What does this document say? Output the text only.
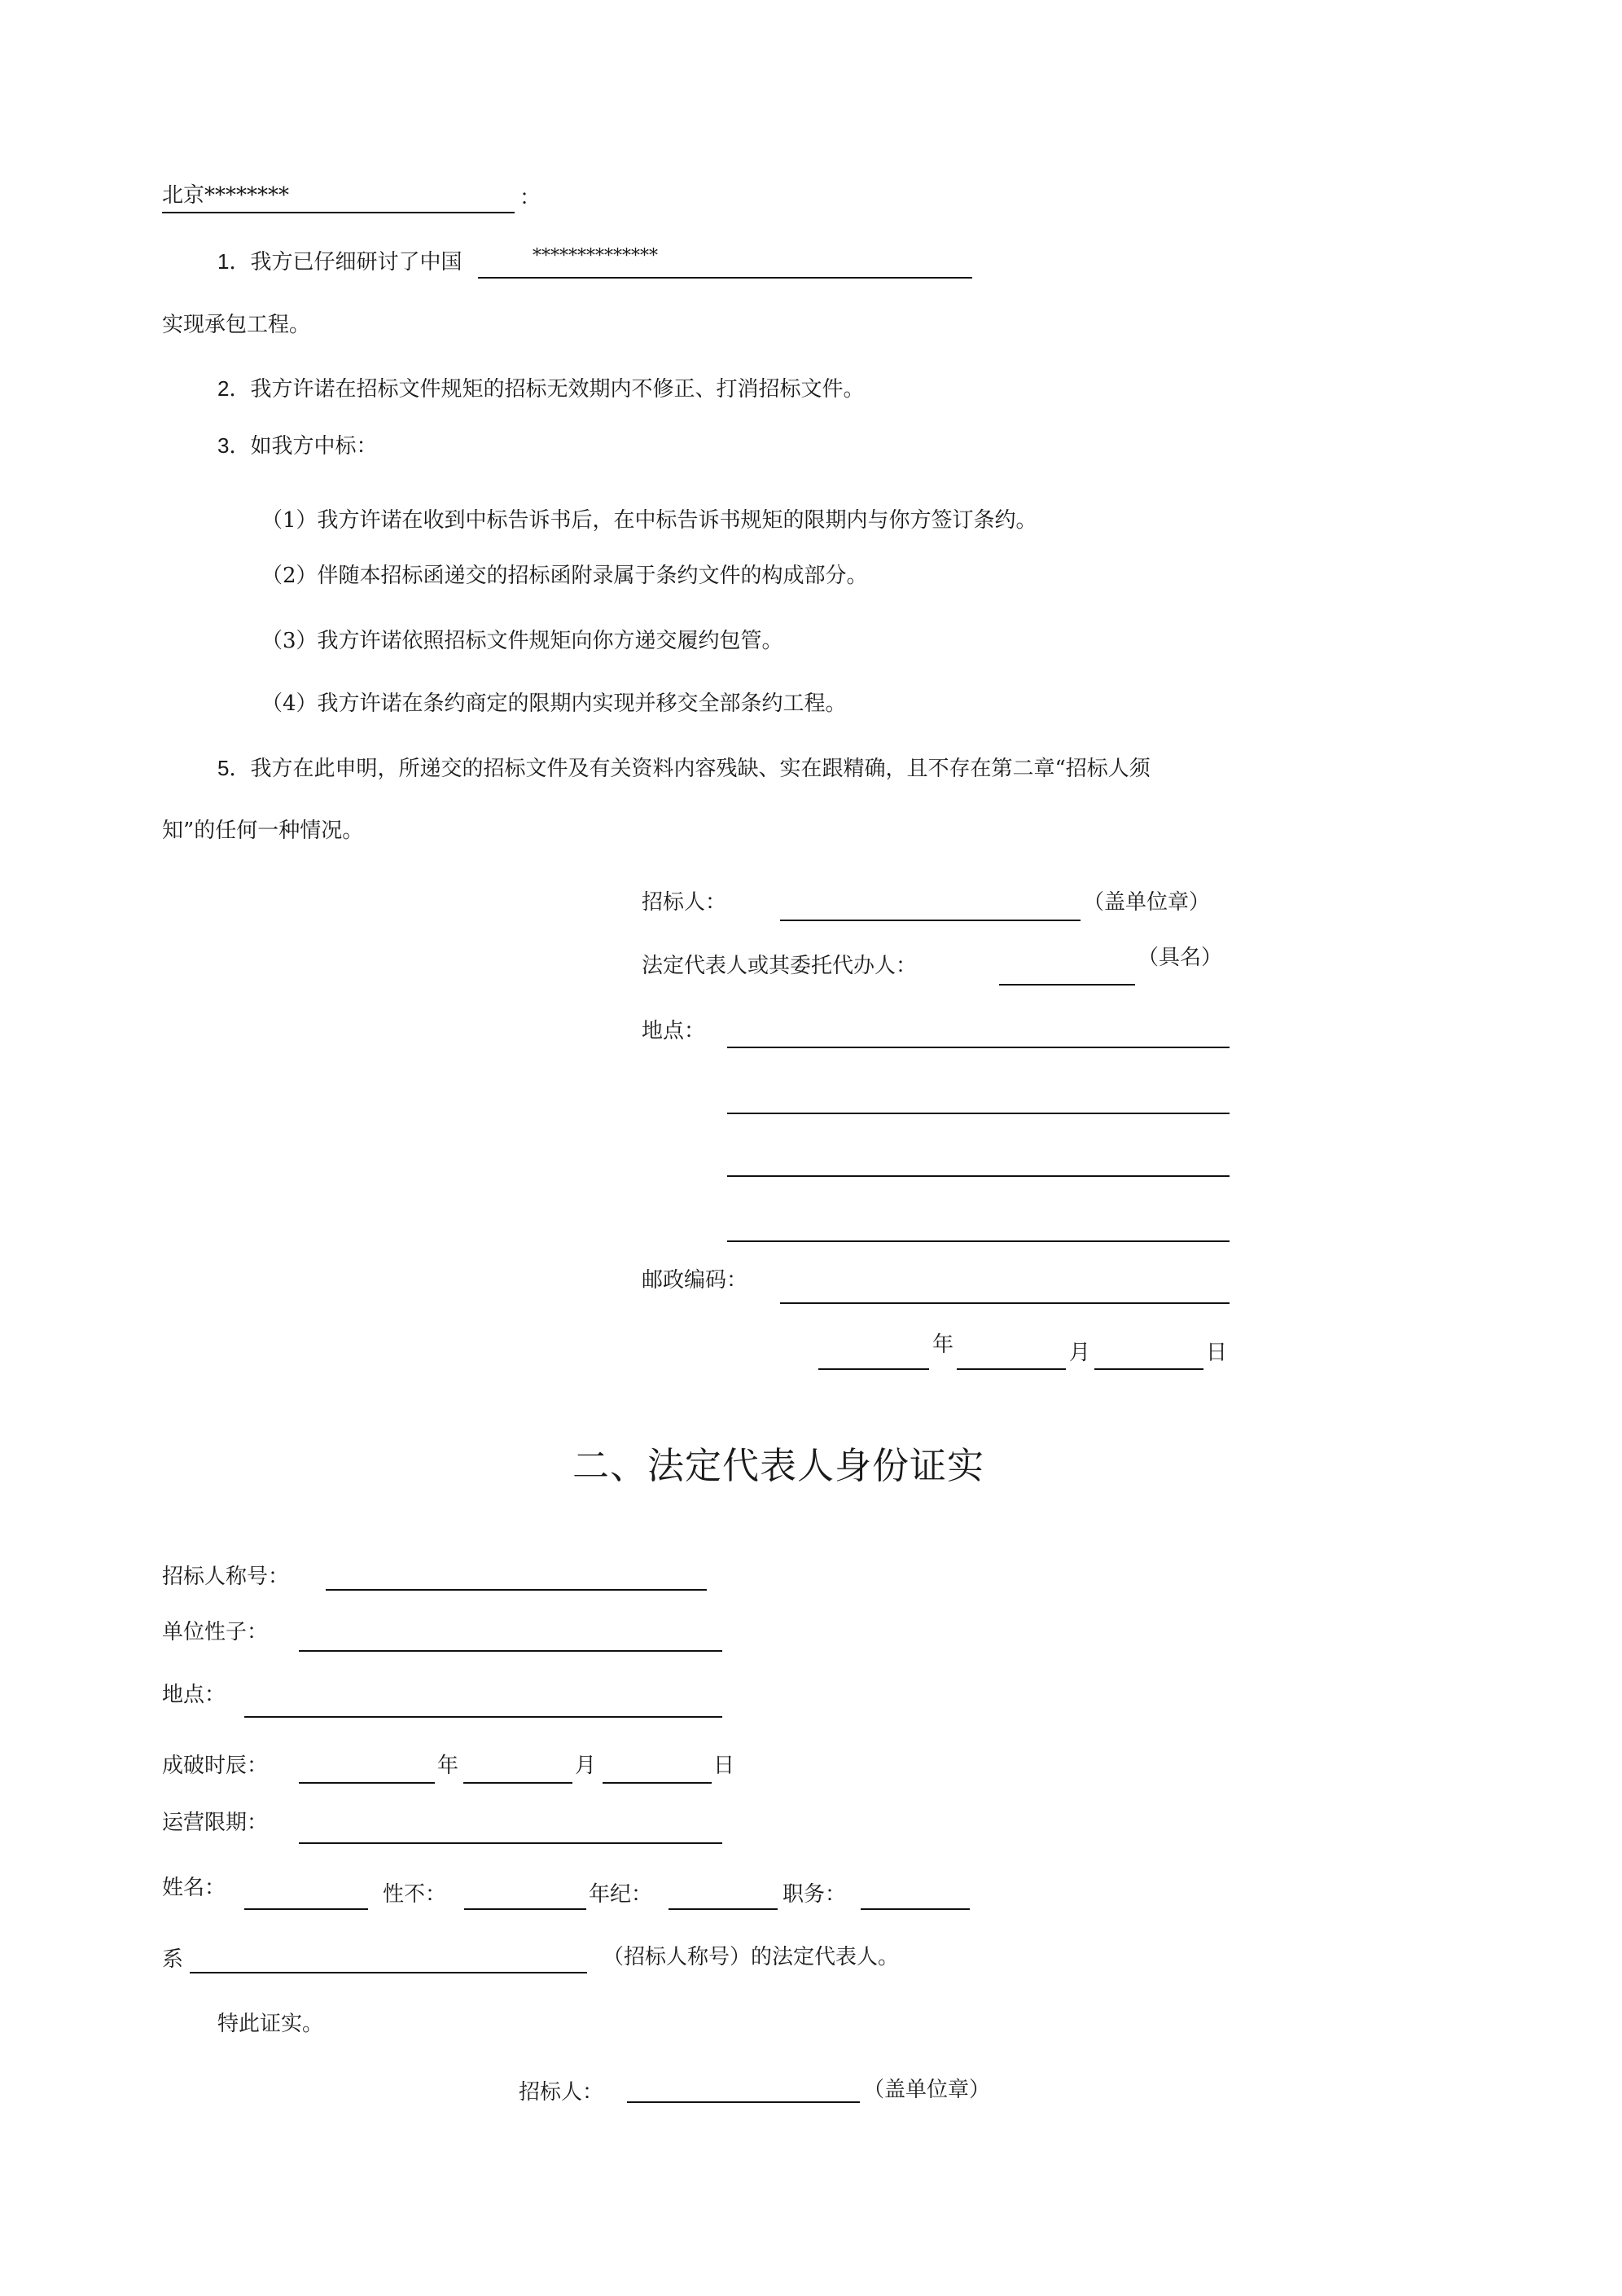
北京********	：
1．我方已仔细研讨了中国	**************
实现承包工程。
2．我方许诺在招标文件规矩的招标无效期内不修正、打消招标文件。
3．如我方中标：
（1）我方许诺在收到中标告诉书后，在中标告诉书规矩的限期内与你方签订条约。
（2）伴随本招标函递交的招标函附录属于条约文件的构成部分。
（3）我方许诺依照招标文件规矩向你方递交履约包管。
（4）我方许诺在条约商定的限期内实现并移交全部条约工程。
5．我方在此申明，所递交的招标文件及有关资料内容残缺、实在跟精确，且不存在第二章“招标人须
知”的任何一种情况。
招标人：	（盖单位章）
法定代表人或其委托代办人：	（具名）
地点：
邮政编码：
年	月	日
二、法定代表人身份证实
招标人称号：
单位性子：
地点：
成破时辰：	年	月	日
运营限期：
姓名：	性不：	年纪：	职务：
系	（招标人称号）的法定代表人。
特此证实。
招标人：	（盖单位章）
